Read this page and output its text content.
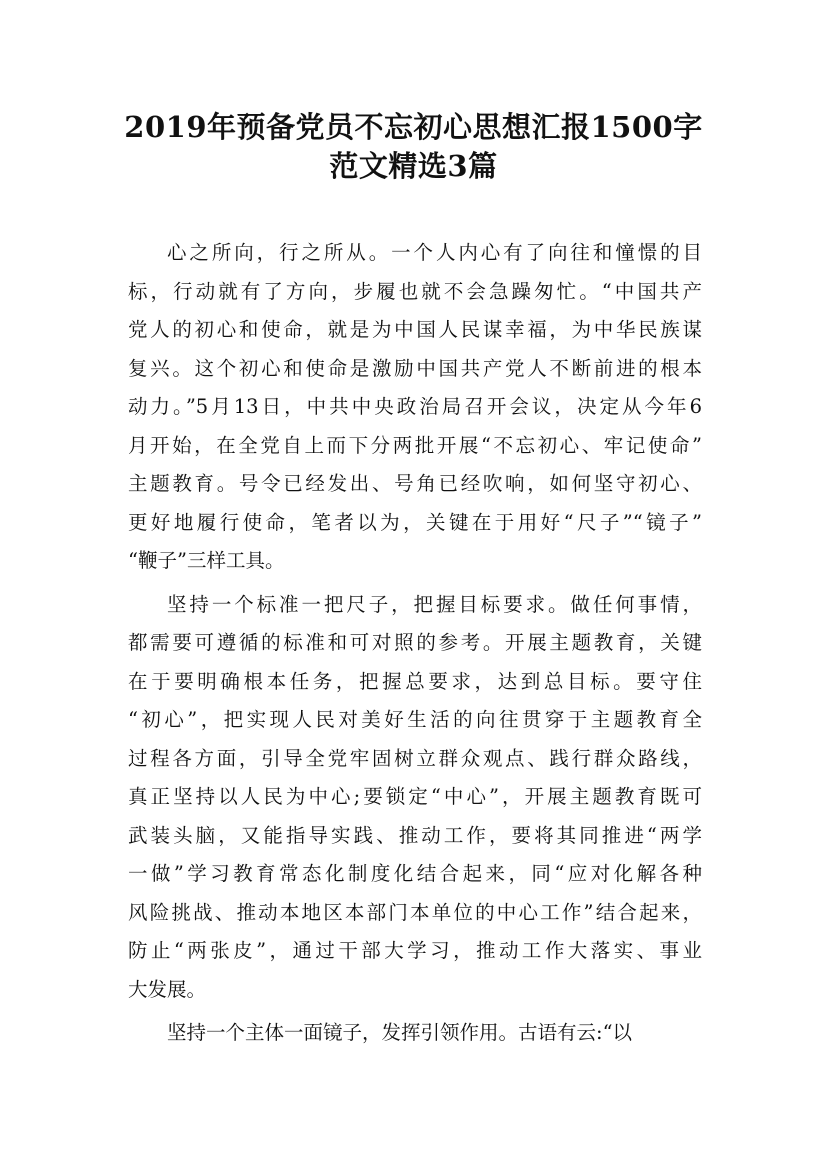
2019年预备党员不忘初心思想汇报1500字
范文精选3篇
心之所向，行之所从。一个人内心有了向往和憧憬的目
标，行动就有了方向，步履也就不会急躁匆忙。“中国共产
党人的初心和使命，就是为中国人民谋幸福，为中华民族谋
复兴。这个初心和使命是激励中国共产党人不断前进的根本
动力。”5月13日，中共中央政治局召开会议，决定从今年6
月开始，在全党自上而下分两批开展“不忘初心、牢记使命”
主题教育。号令已经发出、号角已经吹响，如何坚守初心、
更好地履行使命，笔者以为，关键在于用好“尺子”“镜子”
“鞭子”三样工具。
坚持一个标准一把尺子，把握目标要求。做任何事情，
都需要可遵循的标准和可对照的参考。开展主题教育，关键
在于要明确根本任务，把握总要求，达到总目标。要守住
“初心”，把实现人民对美好生活的向往贯穿于主题教育全
过程各方面，引导全党牢固树立群众观点、践行群众路线，
真正坚持以人民为中心;要锁定“中心”，开展主题教育既可
武装头脑，又能指导实践、推动工作，要将其同推进“两学
一做”学习教育常态化制度化结合起来，同“应对化解各种
风险挑战、推动本地区本部门本单位的中心工作”结合起来，
防止“两张皮”，通过干部大学习，推动工作大落实、事业
大发展。
坚持一个主体一面镜子，发挥引领作用。古语有云:“以
